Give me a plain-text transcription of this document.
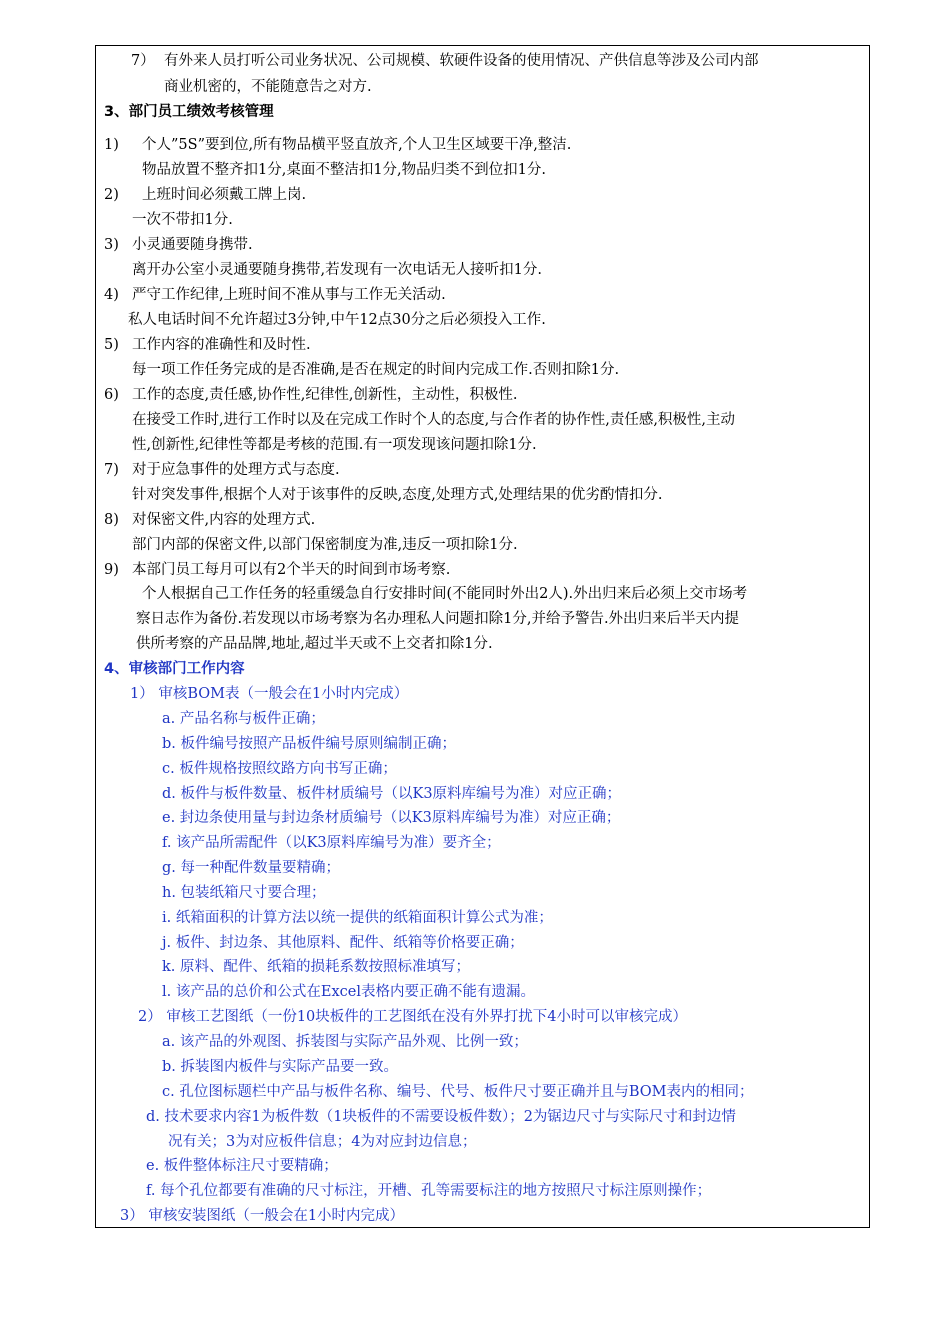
7） 有外来人员打听公司业务状况、公司规模、软硬件设备的使用情况、产供信息等涉及公司内部
商业机密的，不能随意告之对方.
3、部门员工绩效考核管理
1) 个人”5S”要到位,所有物品横平竖直放齐,个人卫生区域要干净,整洁.
物品放置不整齐扣1分,桌面不整洁扣1分,物品归类不到位扣1分.
2) 上班时间必须戴工牌上岗.
一次不带扣1分.
3) 小灵通要随身携带.
离开办公室小灵通要随身携带,若发现有一次电话无人接听扣1分.
4) 严守工作纪律,上班时间不准从事与工作无关活动.
私人电话时间不允许超过3分钟,中午12点30分之后必须投入工作.
5) 工作内容的准确性和及时性.
每一项工作任务完成的是否准确,是否在规定的时间内完成工作.否则扣除1分.
6) 工作的态度,责任感,协作性,纪律性,创新性，主动性，积极性.
在接受工作时,进行工作时以及在完成工作时个人的态度,与合作者的协作性,责任感,积极性,主动
性,创新性,纪律性等都是考核的范围.有一项发现该问题扣除1分.
7) 对于应急事件的处理方式与态度.
针对突发事件,根据个人对于该事件的反映,态度,处理方式,处理结果的优劣酌情扣分.
8) 对保密文件,内容的处理方式.
部门内部的保密文件,以部门保密制度为准,违反一项扣除1分.
9) 本部门员工每月可以有2个半天的时间到市场考察.
个人根据自己工作任务的轻重缓急自行安排时间(不能同时外出2人).外出归来后必须上交市场考
察日志作为备份.若发现以市场考察为名办理私人问题扣除1分,并给予警告.外出归来后半天内提
供所考察的产品品牌,地址,超过半天或不上交者扣除1分.
4、审核部门工作内容
1） 审核BOM表（一般会在1小时内完成）
a. 产品名称与板件正确；
b. 板件编号按照产品板件编号原则编制正确；
c. 板件规格按照纹路方向书写正确；
d. 板件与板件数量、板件材质编号（以K3原料库编号为准）对应正确；
e. 封边条使用量与封边条材质编号（以K3原料库编号为准）对应正确；
f. 该产品所需配件（以K3原料库编号为准）要齐全；
g. 每一种配件数量要精确；
h. 包装纸箱尺寸要合理；
i. 纸箱面积的计算方法以统一提供的纸箱面积计算公式为准；
j. 板件、封边条、其他原料、配件、纸箱等价格要正确；
k. 原料、配件、纸箱的损耗系数按照标准填写；
l. 该产品的总价和公式在Excel表格内要正确不能有遗漏。
2） 审核工艺图纸（一份10块板件的工艺图纸在没有外界打扰下4小时可以审核完成）
a. 该产品的外观图、拆装图与实际产品外观、比例一致；
b. 拆装图内板件与实际产品要一致。
c. 孔位图标题栏中产品与板件名称、编号、代号、板件尺寸要正确并且与BOM表内的相同；
d. 技术要求内容1为板件数（1块板件的不需要设板件数）；2为锯边尺寸与实际尺寸和封边情
况有关；3为对应板件信息；4为对应封边信息；
e. 板件整体标注尺寸要精确；
f. 每个孔位都要有准确的尺寸标注，开槽、孔等需要标注的地方按照尺寸标注原则操作；
3） 审核安装图纸（一般会在1小时内完成）
